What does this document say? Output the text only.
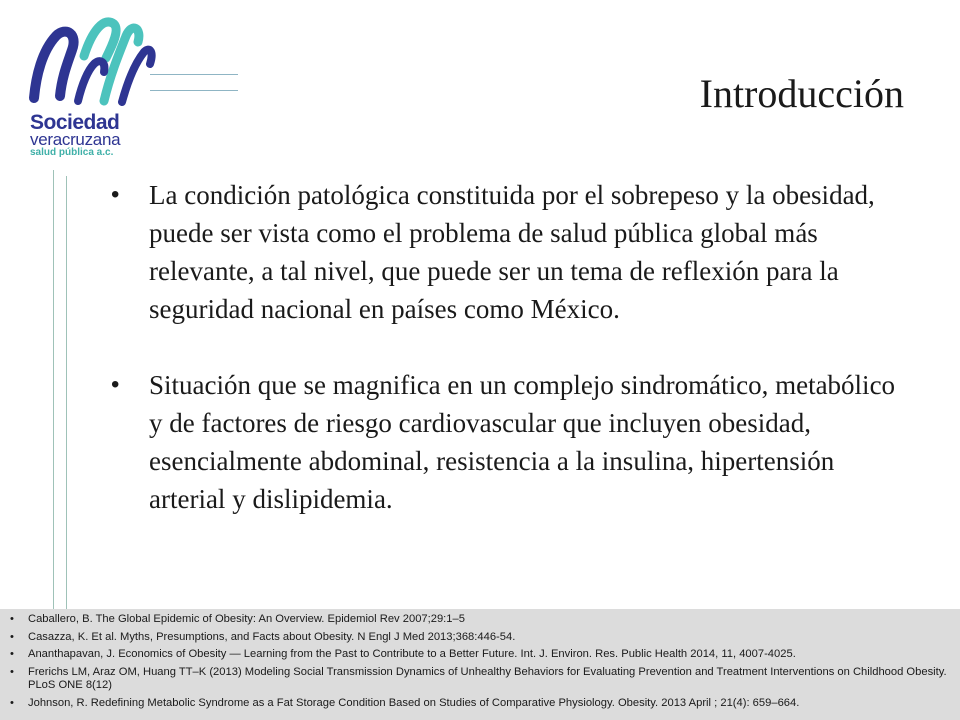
Sociedad
veracruzana
salud pública a.c.
Introducción
• La condición patológica constituida por el sobrepeso y la obesidad, puede ser vista como el problema de salud pública global más relevante, a tal nivel, que puede ser un tema de reflexión para la seguridad nacional en países como México.
• Situación que se magnifica en un complejo sindromático, metabólico y de factores de riesgo cardiovascular que incluyen obesidad, esencialmente abdominal, resistencia a la insulina, hipertensión arterial y dislipidemia.
• Caballero, B. The Global Epidemic of Obesity: An Overview. Epidemiol Rev 2007;29:1–5
• Casazza, K. Et al. Myths, Presumptions, and Facts about Obesity. N Engl J Med 2013;368:446-54.
• Ananthapavan, J. Economics of Obesity — Learning from the Past to Contribute to a Better Future. Int. J. Environ. Res. Public Health 2014, 11, 4007-4025.
• Frerichs LM, Araz OM, Huang TT–K (2013) Modeling Social Transmission Dynamics of Unhealthy Behaviors for Evaluating Prevention and Treatment Interventions on Childhood Obesity. PLoS ONE 8(12)
• Johnson, R. Redefining Metabolic Syndrome as a Fat Storage Condition Based on Studies of Comparative Physiology. Obesity. 2013 April ; 21(4): 659–664.
